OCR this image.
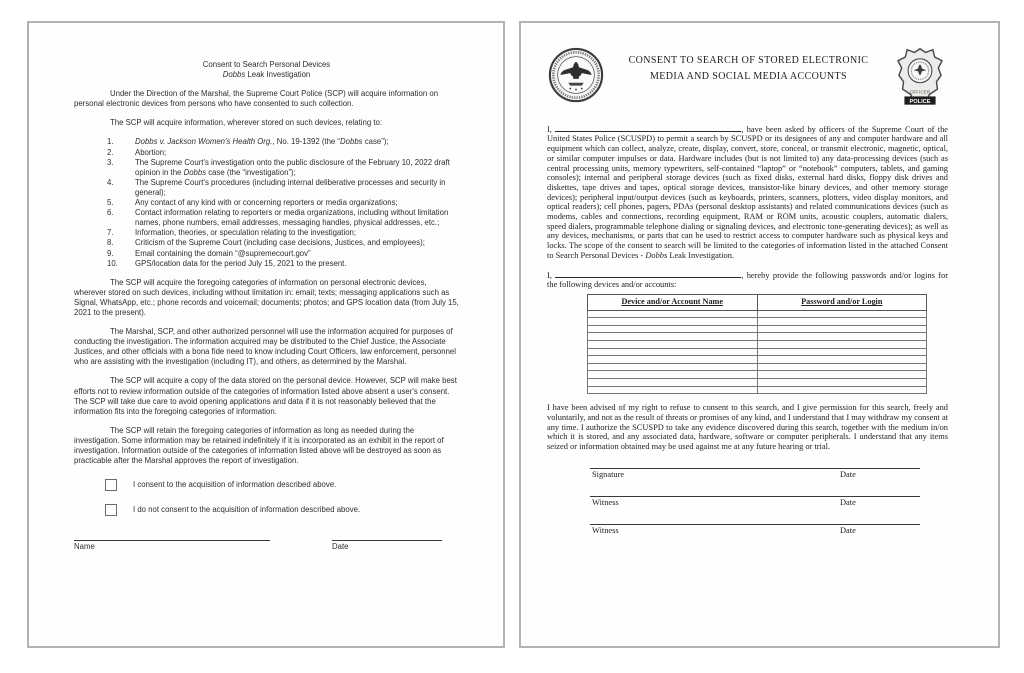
Consent to Search Personal Devices
Dobbs Leak Investigation

Under the Direction of the Marshal, the Supreme Court Police (SCP) will acquire information on personal electronic devices from persons who have consented to such collection.

The SCP will acquire information, wherever stored on such devices, relating to:

1.	Dobbs v. Jackson Women's Health Org., No. 19-1392 (the “Dobbs case”);
2.	Abortion;
3.	The Supreme Court's investigation onto the public disclosure of the February 10, 2022 draft opinion in the Dobbs case (the “investigation”);
4.	The Supreme Court's procedures (including internal deliberative processes and security in general);
5.	Any contact of any kind with or concerning reporters or media organizations;
6.	Contact information relating to reporters or media organizations, including without limitation names, phone numbers, email addresses, messaging handles, physical addresses, etc.;
7.	Information, theories, or speculation relating to the investigation;
8.	Criticism of the Supreme Court (including case decisions, Justices, and employees);
9.	Email containing the domain “@supremecourt.gov”
10.	GPS/location data for the period July 15, 2021 to the present.

The SCP will acquire the foregoing categories of information on personal electronic devices, wherever stored on such devices, including without limitation in: email; texts; messaging applications such as Signal, WhatsApp, etc.; phone records and voicemail; documents; photos; and GPS location data (from July 15, 2021 to the present).

The Marshal, SCP, and other authorized personnel will use the information acquired for purposes of conducting the investigation. The information acquired may be distributed to the Chief Justice, the Associate Justices, and other officials with a bona fide need to know including Court Officers, law enforcement, personnel who are assisting with the investigation (including IT), and others, as determined by the Marshal.

The SCP will acquire a copy of the data stored on the personal device. However, SCP will make best efforts not to review information outside of the categories of information listed above absent a user's consent. The SCP will take due care to avoid opening applications and data if it is not reasonably believed that the information fits into the foregoing categories of information.

The SCP will retain the foregoing categories of information as long as needed during the investigation. Some information may be retained indefinitely if it is incorporated as an exhibit in the report of investigation. Information outside of the categories of information listed above will be destroyed as soon as practicable after the Marshal approves the report of investigation.

I consent to the acquisition of information described above.
I do not consent to the acquisition of information described above.
Name	Date
CONSENT TO SEARCH OF STORED ELECTRONIC
MEDIA AND SOCIAL MEDIA ACCOUNTS
OFFICER
POLICE

I,	, have been asked by officers of the Supreme Court of the United States Police (SCUSPD) to permit a search by SCUSPD or its designees of any and computer hardware and all equipment which can collect, analyze, create, display, convert, store, conceal, or transmit electronic, magnetic, optical, or similar computer impulses or data. Hardware includes (but is not limited to) any data-processing devices (such as central processing units, memory typewriters, self-contained “laptop” or “notebook” computers, tablets, and gaming consoles); internal and peripheral storage devices (such as fixed disks, external hard disks, floppy disk drives and diskettes, tape drives and tapes, optical storage devices, transistor-like binary devices, and other memory storage devices); peripheral input/output devices (such as keyboards, printers, scanners, plotters, video display monitors, and optical readers); cell phones, pagers, PDAs (personal desktop assistants) and related communications devices (such as modems, cables and connections, recording equipment, RAM or ROM units, acoustic couplers, automatic dialers, speed dialers, programmable telephone dialing or signaling devices, and electronic tone-generating devices); as well as any devices, mechanisms, or parts that can be used to restrict access to computer hardware such as physical keys and locks. The scope of the consent to search will be limited to the categories of information listed in the attached Consent to Search Personal Devices - Dobbs Leak Investigation.

I,	, hereby provide the following passwords and/or logins for the following devices and/or accounts:

Device and/or Account Name	Password and/or Login

I have been advised of my right to refuse to consent to this search, and I give permission for this search, freely and voluntarily, and not as the result of threats or promises of any kind, and I understand that I may withdraw my consent at any time. I authorize the SCUSPD to take any evidence discovered during this search, together with the medium in/on which it is stored, and any associated data, hardware, software or computer peripherals. I understand that any items seized or information obtained may be used against me at any future hearing or trial.

Signature	Date
Witness	Date
Witness	Date
